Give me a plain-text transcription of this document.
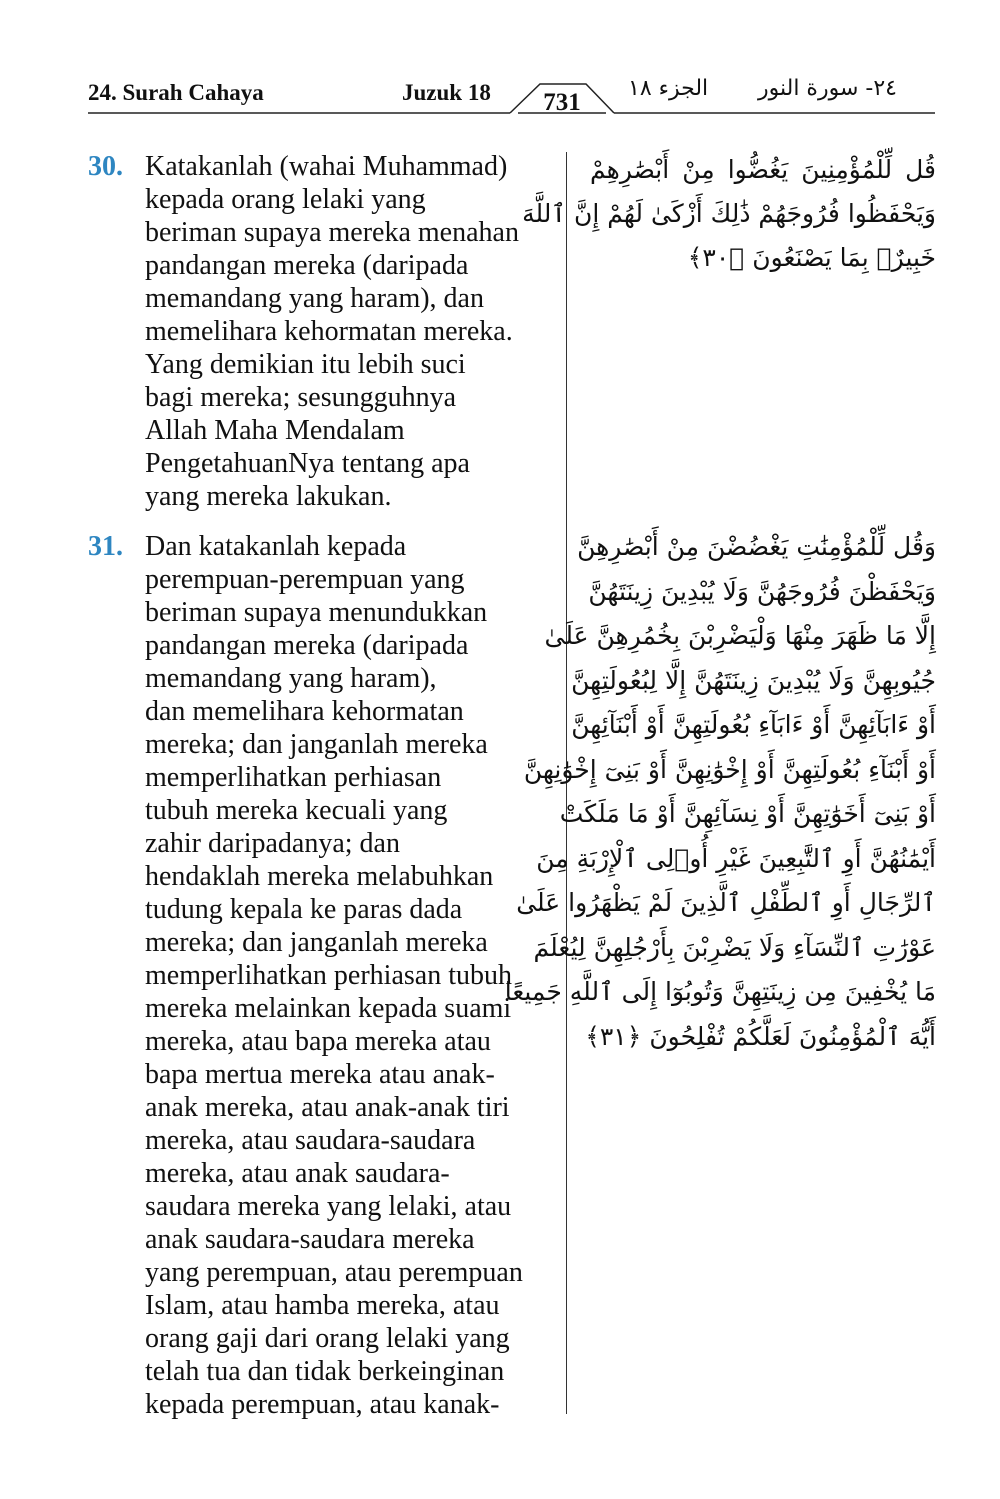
24. Surah Cahaya	Juzuk 18	731
الجزء ١٨ ٢٤- سورة النور
30. Katakanlah (wahai Muhammad)
kepada orang lelaki yang
beriman supaya mereka menahan
pandangan mereka (daripada
memandang yang haram), dan
memelihara kehormatan mereka.
Yang demikian itu lebih suci
bagi mereka; sesungguhnya
Allah Maha Mendalam
PengetahuanNya tentang apa
yang mereka lakukan.
قُل لِّلْمُؤْمِنِينَ يَغُضُّوا مِنْ أَبْصَٰرِهِمْ
وَيَحْفَظُوا فُرُوجَهُمْ ذَٰلِكَ أَزْكَىٰ لَهُمْ إِنَّ ٱللَّهَ
خَبِيرٌۢ بِمَا يَصْنَعُونَ ﴿٣٠﴾
31. Dan katakanlah kepada
perempuan-perempuan yang
beriman supaya menundukkan
pandangan mereka (daripada
memandang yang haram),
dan memelihara kehormatan
mereka; dan janganlah mereka
memperlihatkan perhiasan
tubuh mereka kecuali yang
zahir daripadanya; dan
hendaklah mereka melabuhkan
tudung kepala ke paras dada
mereka; dan janganlah mereka
memperlihatkan perhiasan tubuh
mereka melainkan kepada suami
mereka, atau bapa mereka atau
bapa mertua mereka atau anak-
anak mereka, atau anak-anak tiri
mereka, atau saudara-saudara
mereka, atau anak saudara-
saudara mereka yang lelaki, atau
anak saudara-saudara mereka
yang perempuan, atau perempuan
Islam, atau hamba mereka, atau
orang gaji dari orang lelaki yang
telah tua dan tidak berkeinginan
kepada perempuan, atau kanak-
وَقُل لِّلْمُؤْمِنَٰتِ يَغْضُضْنَ مِنْ أَبْصَٰرِهِنَّ
وَيَحْفَظْنَ فُرُوجَهُنَّ وَلَا يُبْدِينَ زِينَتَهُنَّ
إِلَّا مَا ظَهَرَ مِنْهَا وَلْيَضْرِبْنَ بِخُمُرِهِنَّ عَلَىٰ
جُيُوبِهِنَّ وَلَا يُبْدِينَ زِينَتَهُنَّ إِلَّا لِبُعُولَتِهِنَّ
أَوْ ءَابَآئِهِنَّ أَوْ ءَابَآءِ بُعُولَتِهِنَّ أَوْ أَبْنَآئِهِنَّ
أَوْ أَبْنَآءِ بُعُولَتِهِنَّ أَوْ إِخْوَٰنِهِنَّ أَوْ بَنِىٓ إِخْوَٰنِهِنَّ
أَوْ بَنِىٓ أَخَوَٰتِهِنَّ أَوْ نِسَآئِهِنَّ أَوْ مَا مَلَكَتْ
أَيْمَٰنُهُنَّ أَوِ ٱلتَّٰبِعِينَ غَيْرِ أُو۟لِى ٱلْإِرْبَةِ مِنَ
ٱلرِّجَالِ أَوِ ٱلطِّفْلِ ٱلَّذِينَ لَمْ يَظْهَرُوا عَلَىٰ
عَوْرَٰتِ ٱلنِّسَآءِ وَلَا يَضْرِبْنَ بِأَرْجُلِهِنَّ لِيُعْلَمَ
مَا يُخْفِينَ مِن زِينَتِهِنَّ وَتُوبُوٓا إِلَى ٱللَّهِ جَمِيعًا
أَيُّهَ ٱلْمُؤْمِنُونَ لَعَلَّكُمْ تُفْلِحُونَ ﴿٣١﴾
